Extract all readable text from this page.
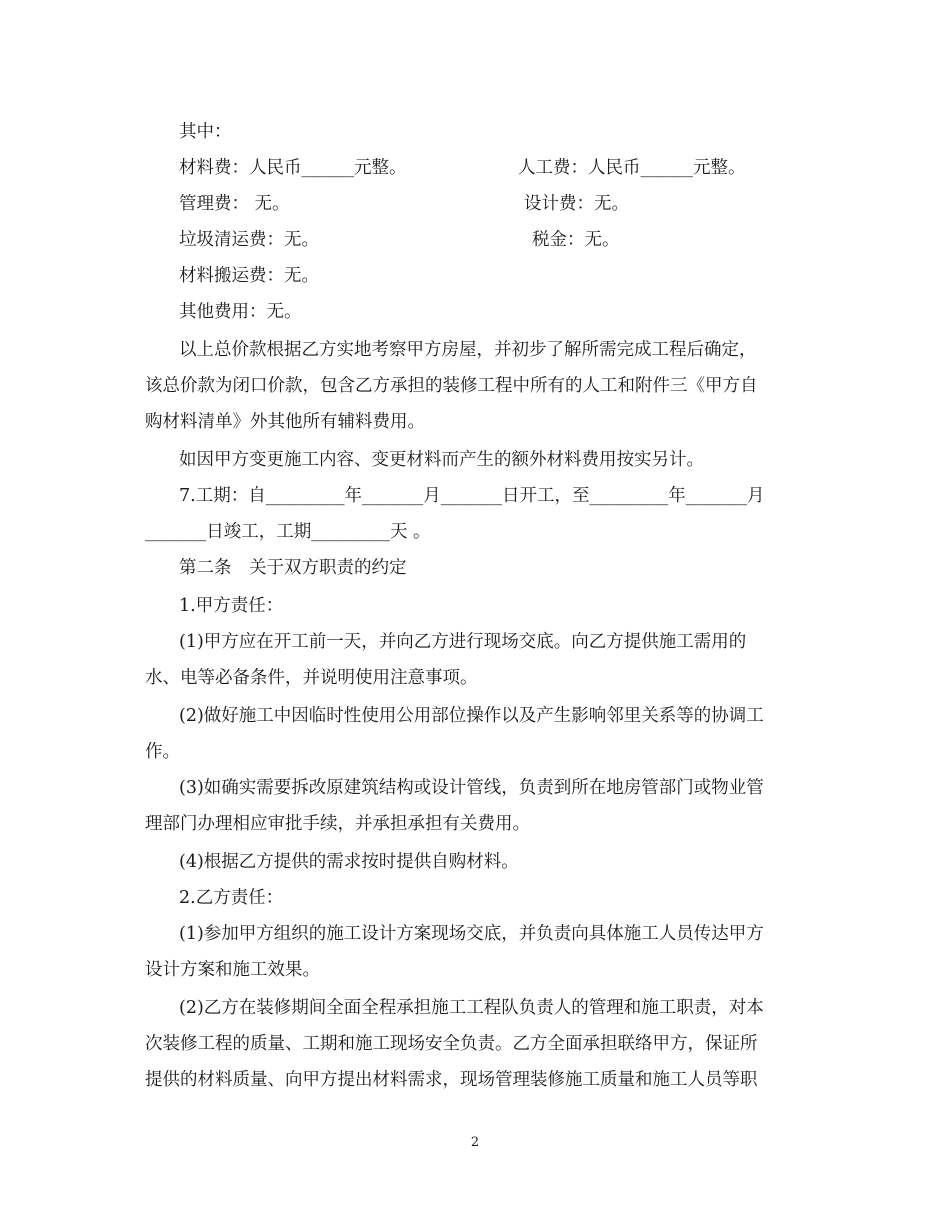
其中：
材料费：人民币______元整。	人工费：人民币______元整。
管理费： 无。	设计费：无。
垃圾清运费：无。	税金：无。
材料搬运费：无。
其他费用：无。
以上总价款根据乙方实地考察甲方房屋，并初步了解所需完成工程后确定，
该总价款为闭口价款，包含乙方承担的装修工程中所有的人工和附件三《甲方自
购材料清单》外其他所有辅料费用。
如因甲方变更施工内容、变更材料而产生的额外材料费用按实另计。
7.工期：自_________年_______月_______日开工，至_________年_______月
_______日竣工，工期_________天 。
第二条　关于双方职责的约定
1.甲方责任：
(1)甲方应在开工前一天，并向乙方进行现场交底。向乙方提供施工需用的
水、电等必备条件，并说明使用注意事项。
(2)做好施工中因临时性使用公用部位操作以及产生影响邻里关系等的协调工
作。
(3)如确实需要拆改原建筑结构或设计管线，负责到所在地房管部门或物业管
理部门办理相应审批手续，并承担承担有关费用。
(4)根据乙方提供的需求按时提供自购材料。
2.乙方责任：
(1)参加甲方组织的施工设计方案现场交底，并负责向具体施工人员传达甲方
设计方案和施工效果。
(2)乙方在装修期间全面全程承担施工工程队负责人的管理和施工职责，对本
次装修工程的质量、工期和施工现场安全负责。乙方全面承担联络甲方，保证所
提供的材料质量、向甲方提出材料需求，现场管理装修施工质量和施工人员等职
2
